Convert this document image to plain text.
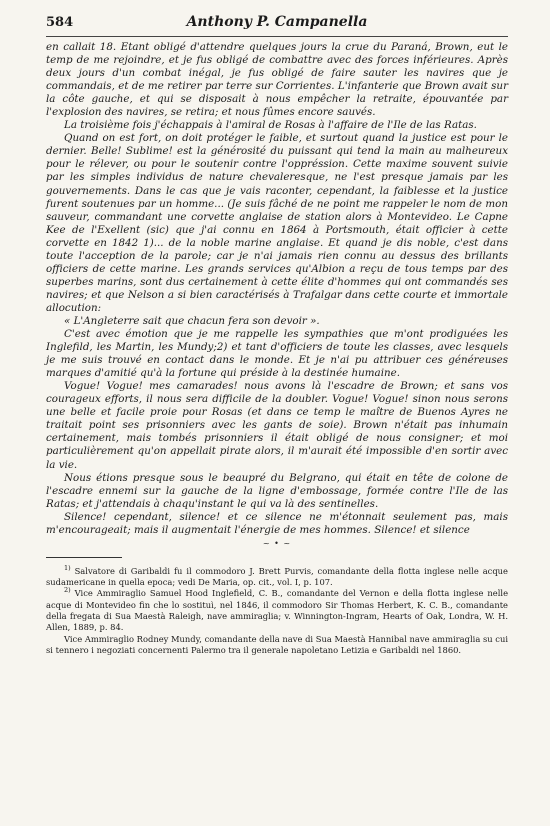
584	Anthony P. Campanella

en callait 18. Etant obligé d'attendre quelques jours la crue du Paraná, Brown, eut le temp de me rejoindre, et je fus obligé de combattre avec des forces inférieures. Après deux jours d'un combat inégal, je fus obligé de faire sauter les navires que je commandais, et de me retirer par terre sur Corrientes. L'infanterie que Brown avait sur la côte gauche, et qui se disposait à nous empêcher la retraite, épouvantée par l'explosion des navires, se retira; et nous fûmes encore sauvés.

La troisième fois j'échappais à l'amiral de Rosas à l'affaire de l'Ile de las Ratas.

Quand on est fort, on doit protéger le faible, et surtout quand la justice est pour le dernier. Belle! Sublime! est la générosité du puissant qui tend la main au malheureux pour le rélever, ou pour le soutenir contre l'oppréssion. Cette maxime souvent suivie par les simples individus de nature chevaleresque, ne l'est presque jamais par les gouvernements. Dans le cas que je vais raconter, cependant, la faiblesse et la justice furent soutenues par un homme... (Je suis fâché de ne point me rappeler le nom de mon sauveur, commandant une corvette anglaise de station alors à Montevideo. Le Capne Kee de l'Exellent (sic) que j'ai connu en 1864 à Portsmouth, était officier à cette corvette en 1842 1)... de la noble marine anglaise. Et quand je dis noble, c'est dans toute l'acception de la parole; car je n'ai jamais rien connu au dessus des brillants officiers de cette marine. Les grands services qu'Albion a reçu de tous temps par des superbes marins, sont dus certainement à cette élite d'hommes qui ont commandés ses navires; et que Nelson a si bien caractérisés à Trafalgar dans cette courte et immortale allocution:

« L'Angleterre sait que chacun fera son devoir ».

C'est avec émotion que je me rappelle les sympathies que m'ont prodiguées les Inglefild, les Martin, les Mundy;2) et tant d'officiers de toute les classes, avec lesquels je me suis trouvé en contact dans le monde. Et je n'ai pu attribuer ces généreuses marques d'amitié qu'à la fortune qui préside à la destinée humaine.

Vogue! Vogue! mes camarades! nous avons là l'escadre de Brown; et sans vos courageux efforts, il nous sera difficile de la doubler. Vogue! Vogue! sinon nous serons une belle et facile proie pour Rosas (et dans ce temp le maître de Buenos Ayres ne traitait point ses prisonniers avec les gants de soie). Brown n'était pas inhumain certainement, mais tombés prisonniers il était obligé de nous consigner; et moi particulièrement qu'on appellait pirate alors, il m'aurait été impossible d'en sortir avec la vie.

Nous étions presque sous le beaupré du Belgrano, qui était en tête de colone de l'escadre ennemi sur la gauche de la ligne d'embossage, formée contre l'Ile de las Ratas; et j'attendais à chaqu'instant le qui va là des sentinelles.

Silence! cependant, silence! et ce silence ne m'étonnait seulement pas, mais m'encourageait; mais il augmentait l'énergie de mes hommes. Silence! et silence

~ • ~

$^{1)}$ Salvatore di Garibaldi fu il commodoro J. Brett Purvis, comandante della flotta inglese nelle acque sudamericane in quella epoca; vedi De Maria, op. cit., vol. I, p. 107.

$^{2)}$ Vice Ammiraglio Samuel Hood Inglefield, C. B., comandante del Vernon e della flotta inglese nelle acque di Montevideo fin che lo sostituì, nel 1846, il commodoro Sir Thomas Herbert, K. C. B., comandante della fregata di Sua Maestà Raleigh, nave ammiraglia; v. Winnington-Ingram, Hearts of Oak, Londra, W. H. Allen, 1889, p. 84.

Vice Ammiraglio Rodney Mundy, comandante della nave di Sua Maestà Hannibal nave ammiraglia su cui si tennero i negoziati concernenti Palermo tra il generale napoletano Letizia e Garibaldi nel 1860.
